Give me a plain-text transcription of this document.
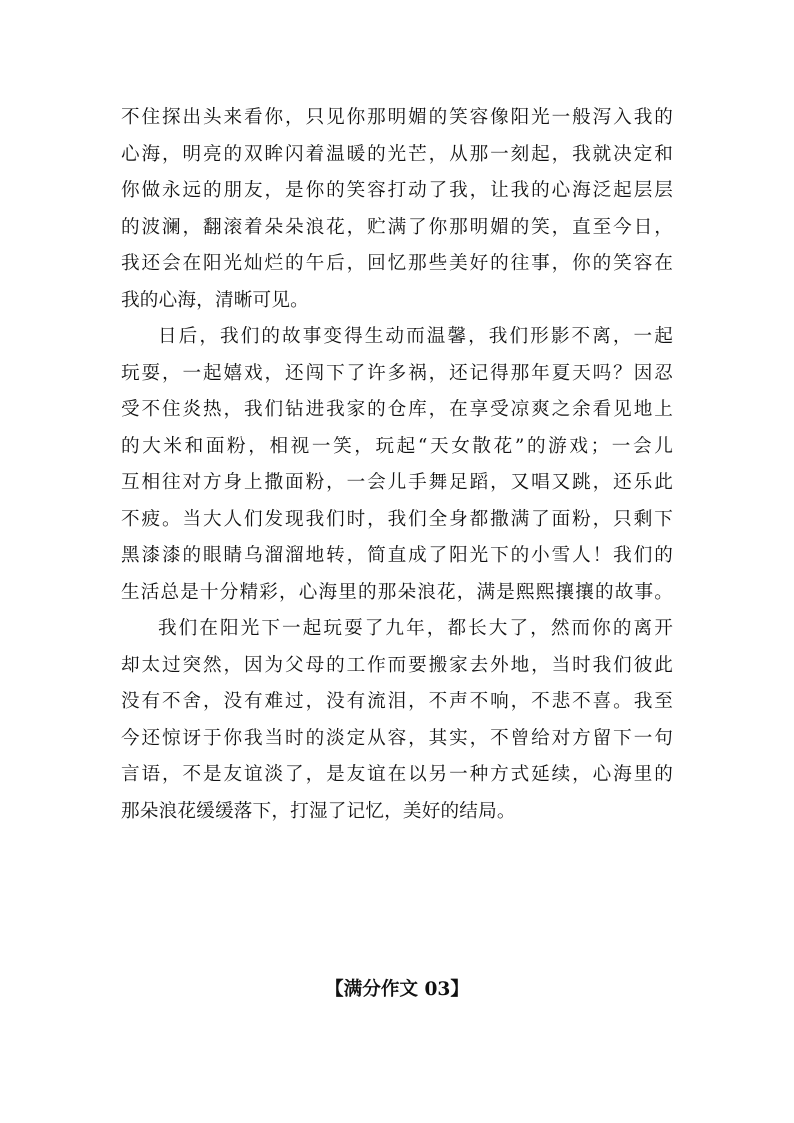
不住探出头来看你，只见你那明媚的笑容像阳光一般泻入我的
心海，明亮的双眸闪着温暖的光芒，从那一刻起，我就决定和
你做永远的朋友，是你的笑容打动了我，让我的心海泛起层层
的波澜，翻滚着朵朵浪花，贮满了你那明媚的笑，直至今日，
我还会在阳光灿烂的午后，回忆那些美好的往事，你的笑容在
我的心海，清晰可见。
日后，我们的故事变得生动而温馨，我们形影不离，一起
玩耍，一起嬉戏，还闯下了许多祸，还记得那年夏天吗？因忍
受不住炎热，我们钻进我家的仓库，在享受凉爽之余看见地上
的大米和面粉，相视一笑，玩起“天女散花”的游戏；一会儿
互相往对方身上撒面粉，一会儿手舞足蹈，又唱又跳，还乐此
不疲。当大人们发现我们时，我们全身都撒满了面粉，只剩下
黑漆漆的眼睛乌溜溜地转，简直成了阳光下的小雪人！我们的
生活总是十分精彩，心海里的那朵浪花，满是熙熙攘攘的故事。
我们在阳光下一起玩耍了九年，都长大了，然而你的离开
却太过突然，因为父母的工作而要搬家去外地，当时我们彼此
没有不舍，没有难过，没有流泪，不声不响，不悲不喜。我至
今还惊讶于你我当时的淡定从容，其实，不曾给对方留下一句
言语，不是友谊淡了，是友谊在以另一种方式延续，心海里的
那朵浪花缓缓落下，打湿了记忆，美好的结局。
【满分作文 03】
